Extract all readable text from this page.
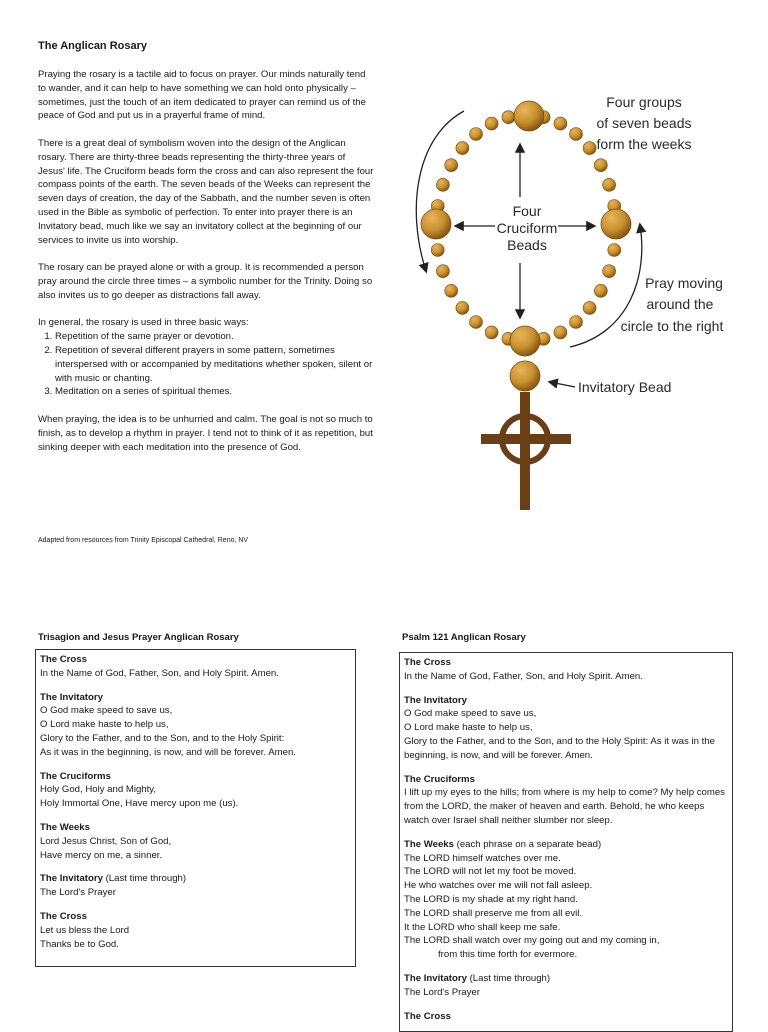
The Anglican Rosary

Praying the rosary is a tactile aid to focus on prayer. Our minds naturally tend to wander, and it can help to have something we can hold onto physically – sometimes, just the touch of an item dedicated to prayer can remind us of the peace of God and put us in a prayerful frame of mind.

There is a great deal of symbolism woven into the design of the Anglican rosary. There are thirty-three beads representing the thirty-three years of Jesus' life. The Cruciform beads form the cross and can also represent the four compass points of the earth. The seven beads of the Weeks can represent the seven days of creation, the day of the Sabbath, and the number seven is often used in the Bible as symbolic of perfection. To enter into prayer there is an Invitatory bead, much like we say an invitatory collect at the beginning of our services to invite us into worship.

The rosary can be prayed alone or with a group. It is recommended a person pray around the circle three times – a symbolic number for the Trinity. Doing so also invites us to go deeper as distractions fall away.

In general, the rosary is used in three basic ways:
1. Repetition of the same prayer or devotion.
2. Repetition of several different prayers in some pattern, sometimes interspersed with or accompanied by meditations whether spoken, silent or with music or chanting.
3. Meditation on a series of spiritual themes.

When praying, the idea is to be unhurried and calm. The goal is not so much to finish, as to develop a rhythm in prayer. I tend not to think of it as repetition, but sinking deeper with each meditation into the presence of God.

Adapted from resources from Trinity Episcopal Cathedral, Reno, NV

Four groups
of seven beads
form the weeks
Four
Cruciform
Beads
Pray moving
around the
circle to the right
Invitatory Bead
Trisagion and Jesus Prayer Anglican Rosary
The Cross
In the Name of God, Father, Son, and Holy Spirit. Amen.
The Invitatory
O God make speed to save us,
O Lord make haste to help us,
Glory to the Father, and to the Son, and to the Holy Spirit:
As it was in the beginning, is now, and will be forever. Amen.
The Cruciforms
Holy God, Holy and Mighty,
Holy Immortal One, Have mercy upon me (us).
The Weeks
Lord Jesus Christ, Son of God,
Have mercy on me, a sinner.
The Invitatory (Last time through)
The Lord's Prayer
The Cross
Let us bless the Lord
Thanks be to God.
Psalm 121 Anglican Rosary
The Cross
In the Name of God, Father, Son, and Holy Spirit. Amen.
The Invitatory
O God make speed to save us,
O Lord make haste to help us,
Glory to the Father, and to the Son, and to the Holy Spirit: As it was in the beginning, is now, and will be forever. Amen.
The Cruciforms
I lift up my eyes to the hills; from where is my help to come? My help comes from the LORD, the maker of heaven and earth. Behold, he who keeps watch over Israel shall neither slumber nor sleep.
The Weeks (each phrase on a separate bead)
The LORD himself watches over me.
The LORD will not let my foot be moved.
He who watches over me will not fall asleep.
The LORD is my shade at my right hand.
The LORD shall preserve me from all evil.
It the LORD who shall keep me safe.
The LORD shall watch over my going out and my coming in,
from this time forth for evermore.
The Invitatory (Last time through)
The Lord's Prayer
The Cross
